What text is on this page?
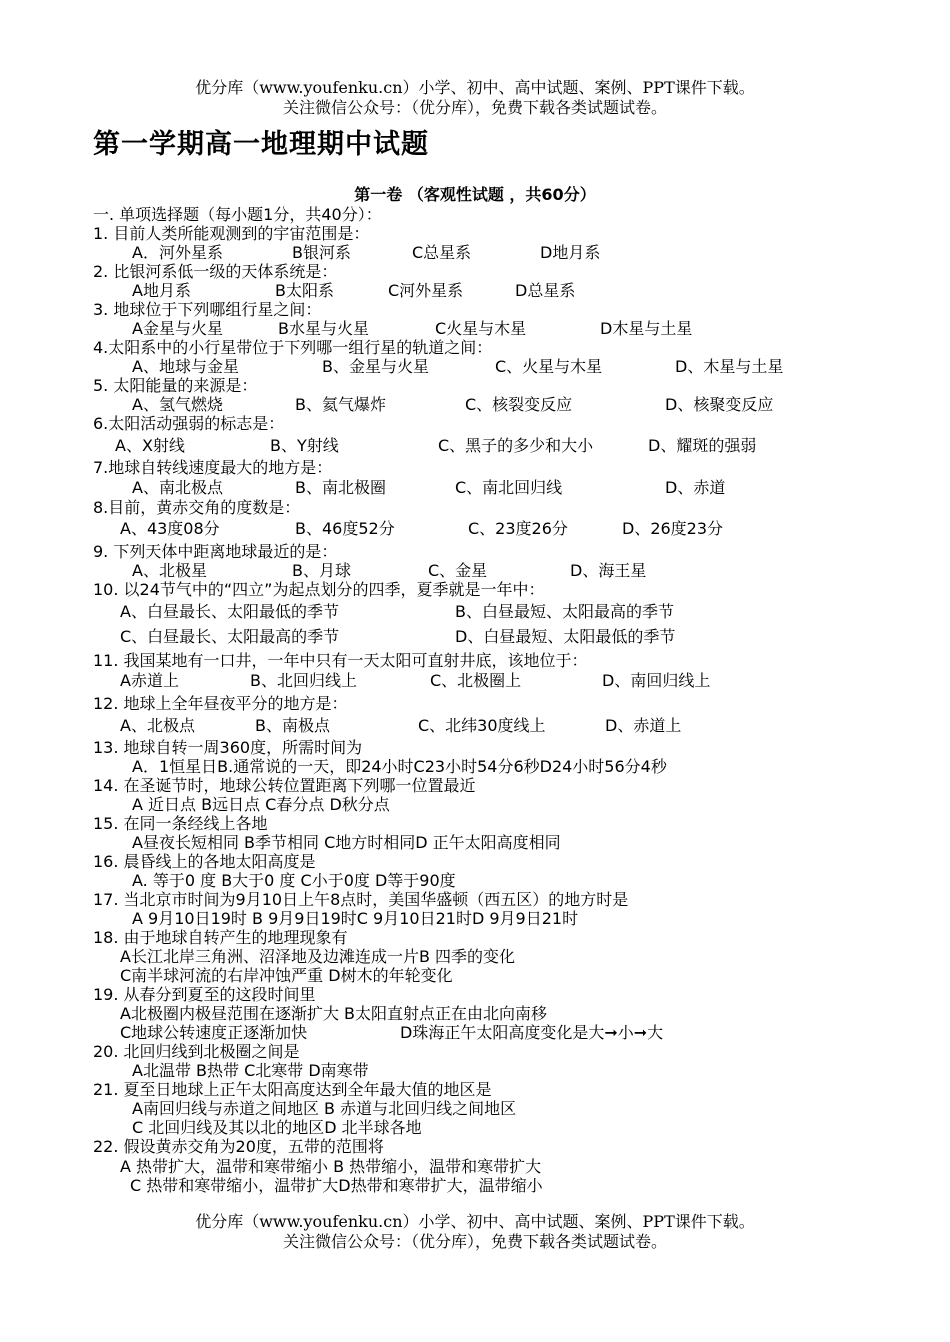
优分库（www.youfenku.cn）小学、初中、高中试题、案例、PPT课件下载。
关注微信公众号：（优分库），免费下载各类试题试卷。
第一学期高一地理期中试题
第一卷 （客观性试题 ，共60分）
一. 单项选择题（每小题1分，共40分）：
1. 目前人类所能观测到的宇宙范围是：
A．河外星系	B银河系	C总星系	D地月系
2. 比银河系低一级的天体系统是：
A地月系	B太阳系	C河外星系	D总星系
3. 地球位于下列哪组行星之间：
A金星与火星	B水星与火星	C火星与木星	D木星与土星
4.太阳系中的小行星带位于下列哪一组行星的轨道之间：
A、地球与金星	B、金星与火星	C、火星与木星	D、木星与土星
5. 太阳能量的来源是：
A、氢气燃烧	B、氦气爆炸	C、核裂变反应	D、核聚变反应
6.太阳活动强弱的标志是：
A、X射线	B、Y射线	C、黑子的多少和大小	D、耀斑的强弱
7.地球自转线速度最大的地方是：
A、南北极点	B、南北极圈	C、南北回归线	D、赤道
8.目前，黄赤交角的度数是：
A、43度08分	B、46度52分	C、23度26分	D、26度23分
9. 下列天体中距离地球最近的是：
A、北极星	B、月球	C、金星	D、海王星
10. 以24节气中的“四立”为起点划分的四季，夏季就是一年中：
A、白昼最长、太阳最低的季节	B、白昼最短、太阳最高的季节
C、白昼最长、太阳最高的季节	D、白昼最短、太阳最低的季节
11. 我国某地有一口井，一年中只有一天太阳可直射井底，该地位于：
A赤道上	B、北回归线上	C、北极圈上	D、南回归线上
12. 地球上全年昼夜平分的地方是：
A、北极点	B、南极点	C、北纬30度线上	D、赤道上
13. 地球自转一周360度，所需时间为
A．1恒星日B.通常说的一天，即24小时C23小时54分6秒D24小时56分4秒
14. 在圣诞节时，地球公转位置距离下列哪一位置最近
A 近日点 B远日点 C春分点 D秋分点
15. 在同一条经线上各地
A昼夜长短相同 B季节相同 C地方时相同D 正午太阳高度相同
16. 晨昏线上的各地太阳高度是
A. 等于0 度 B大于0 度 C小于0度 D等于90度
17. 当北京市时间为9月10日上午8点时，美国华盛顿（西五区）的地方时是
A 9月10日19时 B 9月9日19时C 9月10日21时D 9月9日21时
18. 由于地球自转产生的地理现象有
A长江北岸三角洲、沼泽地及边滩连成一片B 四季的变化
C南半球河流的右岸冲蚀严重 D树木的年轮变化
19. 从春分到夏至的这段时间里
A北极圈内极昼范围在逐渐扩大 B太阳直射点正在由北向南移
C地球公转速度正逐渐加快	D珠海正午太阳高度变化是大➞小➞大
20. 北回归线到北极圈之间是
A北温带 B热带 C北寒带 D南寒带
21. 夏至日地球上正午太阳高度达到全年最大值的地区是
A南回归线与赤道之间地区 B 赤道与北回归线之间地区
C 北回归线及其以北的地区D 北半球各地
22. 假设黄赤交角为20度，五带的范围将
A 热带扩大，温带和寒带缩小 B 热带缩小，温带和寒带扩大
C 热带和寒带缩小，温带扩大D热带和寒带扩大，温带缩小
优分库（www.youfenku.cn）小学、初中、高中试题、案例、PPT课件下载。
关注微信公众号：（优分库），免费下载各类试题试卷。
